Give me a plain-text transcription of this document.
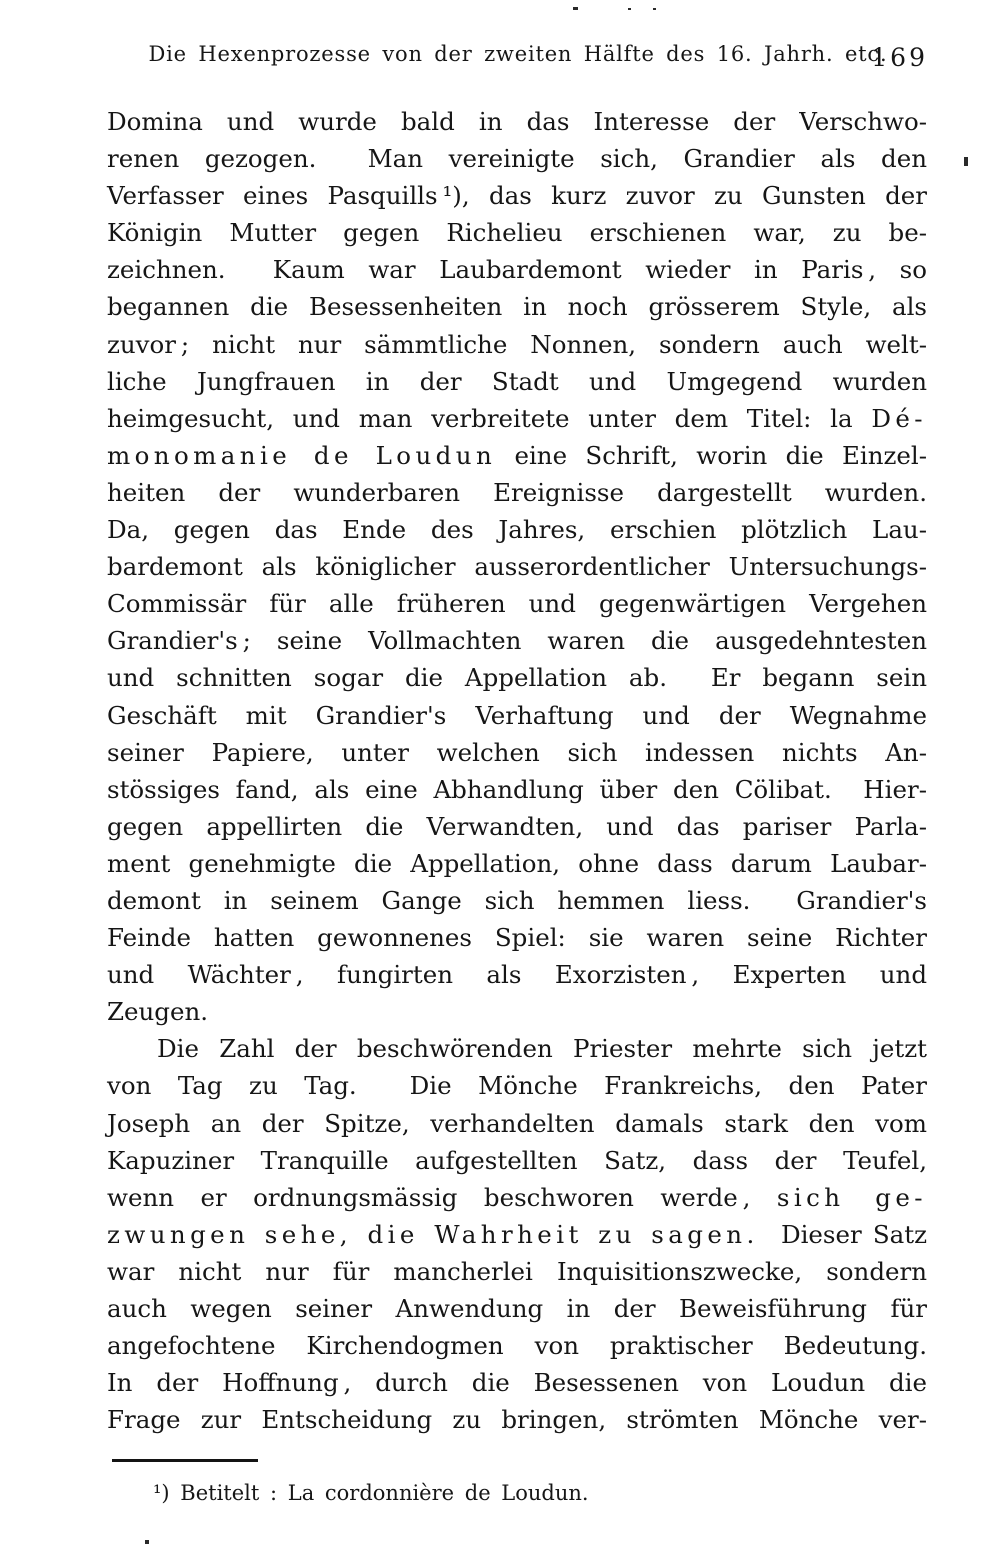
Die Hexenprozesse von der zweiten Hälfte des 16. Jahrh. etc.
169
Domina und wurde bald in das Interesse der Verschwo-
renen gezogen.  Man vereinigte sich, Grandier als den
Verfasser eines Pasquills ¹), das kurz zuvor zu Gunsten der
Königin Mutter gegen Richelieu erschienen war, zu be-
zeichnen.  Kaum war Laubardemont wieder in Paris , so
begannen die Besessenheiten in noch grösserem Style, als
zuvor ; nicht nur sämmtliche Nonnen, sondern auch welt-
liche Jungfrauen in der Stadt und Umgegend wurden
heimgesucht, und man verbreitete unter dem Titel: la Dé-
monomanie de Loudun eine Schrift, worin die Einzel-
heiten der wunderbaren Ereignisse dargestellt wurden.
Da, gegen das Ende des Jahres, erschien plötzlich Lau-
bardemont als königlicher ausserordentlicher Untersuchungs-
Commissär für alle früheren und gegenwärtigen Vergehen
Grandier's ; seine Vollmachten waren die ausgedehntesten
und schnitten sogar die Appellation ab.  Er begann sein
Geschäft mit Grandier's Verhaftung und der Wegnahme
seiner Papiere, unter welchen sich indessen nichts An-
stössiges fand, als eine Abhandlung über den Cölibat.  Hier-
gegen appellirten die Verwandten, und das pariser Parla-
ment genehmigte die Appellation, ohne dass darum Laubar-
demont in seinem Gange sich hemmen liess.  Grandier's
Feinde hatten gewonnenes Spiel: sie waren seine Richter
und Wächter , fungirten als Exorzisten , Experten und
Zeugen.
Die Zahl der beschwörenden Priester mehrte sich jetzt
von Tag zu Tag.  Die Mönche Frankreichs, den Pater
Joseph an der Spitze, verhandelten damals stark den vom
Kapuziner Tranquille aufgestellten Satz, dass der Teufel,
wenn er ordnungsmässig beschworen werde , sich ge-
zwungen sehe, die Wahrheit zu sagen.  Dieser Satz
war nicht nur für mancherlei Inquisitionszwecke, sondern
auch wegen seiner Anwendung in der Beweisführung für
angefochtene Kirchendogmen von praktischer Bedeutung.
In der Hoffnung , durch die Besessenen von Loudun die
Frage zur Entscheidung zu bringen, strömten Mönche ver-
¹) Betitelt : La cordonnière de Loudun.
